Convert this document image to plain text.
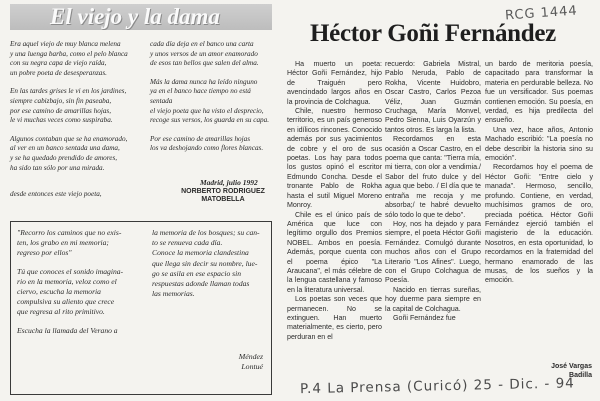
El viejo y la dama

Era aquel viejo de muy blanca melena
y una luenga barba, como el pelo blanca
con su negra capa de viejo raída,
un pobre poeta de desesperanzas.

En las tardes grises le vi en los jardines,
siempre cabizbajo, sin fin paseaba,
por ese camino de amarillas hojas,
le vi muchas veces como suspiraba.

Algunos contaban que se ha enamorado,
al ver en un banco sentada una dama,
y se ha quedado prendido de amores,
ha sido tan sólo por una mirada.

cada día deja en el banco una carta
y unos versos de un amor enamorado
de esos tan bellos que salen del alma.

Más la dama nunca ha leído ninguno
ya en el banco hace tiempo no está
sentada
el viejo poeta que ha visto el desprecio,
recoge sus versos, los guarda en su capa.

Por ese camino de amarillas hojas
los va deshojando como flores blancas.

Madrid, julio 1992
NORBERTO RODRIGUEZ
MATOBELLA
desde entonces este viejo poeta,

"Recorro los caminos que no exis-
ten, los grabo en mi memoria;
regreso por ellos"

Tú que conoces el sonido imagina-
rio en la memoria, veloz como el
ciervo, escucha la memoria
compulsiva su aliento que crece
que regresa al rito primitivo.

Escucha la llamada del Verano a

la memoria de los bosques; su can-
to se renueva cada día.
Conoce la memoria clandestina
que llega sin decir su nombre, lue-
go se asila en ese espacio sin
respuestas adonde llaman todas
las memorias.

Méndez
Lontué
RCG 1444
Héctor Goñi Fernández

Ha muerto un poeta: Héctor Goñi Fernández, hijo de Traiguén pero avencindado largos años en la provincia de Colchagua.

Chile, nuestro hermoso territorio, es un país generoso en idílicos rincones. Conocido además por sus yacimientos de cobre y el oro de sus poetas. Los hay para todos los gustos opinó el escritor Edmundo Concha. Desde el tronante Pablo de Rokha hasta el sutil Miguel Moreno Monroy.

Chile es el único país de América que luce con legítimo orgullo dos Premios NOBEL. Ambos en poesía. Además, porque cuenta con el poema épico "La Araucana", el más célebre de la lengua castellana y famoso en la literatura universal.

Los poetas son veces que permanecen. No se extinguen. Han muerto materialmente, es cierto, pero perduran en el

recuerdo: Gabriela Mistral, Pablo Neruda, Pablo de Rokha, Vicente Huidobro, Oscar Castro, Carlos Pezoa Véliz, Juan Guzmán Cruchaga, María Monvel, Pedro Sienna, Luis Oyarzún y tantos otros. Es larga la lista.

Recordamos en esta ocasión a Oscar Castro, en el poema que canta: "Tierra mía, mi tierra, con olor a vendimia./ Sabor del fruto dulce y del agua que bebo. / El día que te entraña me recoja y me absorba;/ te habré devuelto sólo todo lo que te debo".

Hoy, nos ha dejado y para siempre, el poeta Héctor Goñi Fernández. Comulgó durante muchos años con el Grupo Literario "Los Afines". Luego, con el Grupo Colchagua de Poesía.

Nacido en tierras sureñas, hoy duerme para siempre en la capital de Colchagua.

Goñi Fernández fue

un bardo de meritoria poesía, capacitado para transformar la materia en perdurable belleza. No fue un versificador. Sus poemas contienen emoción. Su poesía, en verdad, es hija predilecta del ensueño.

Una vez, hace años, Antonio Machado escribió: "La poesía no debe describir la historia sino su emoción".

Recordamos hoy el poema de Héctor Goñi: "Entre cielo y manada". Hermoso, sencillo, profundo. Contiene, en verdad, muchísimos gramos de oro, preciada poética. Héctor Goñi Fernández ejerció también el magisterio de la educación. Nosotros, en esta oportunidad, lo recordamos en la fraternidad del hermano enamorado de las musas, de los sueños y la emoción.

José Vargas
Badilla
P.4 La Prensa (Curicó) 25 - Dic. - 94
